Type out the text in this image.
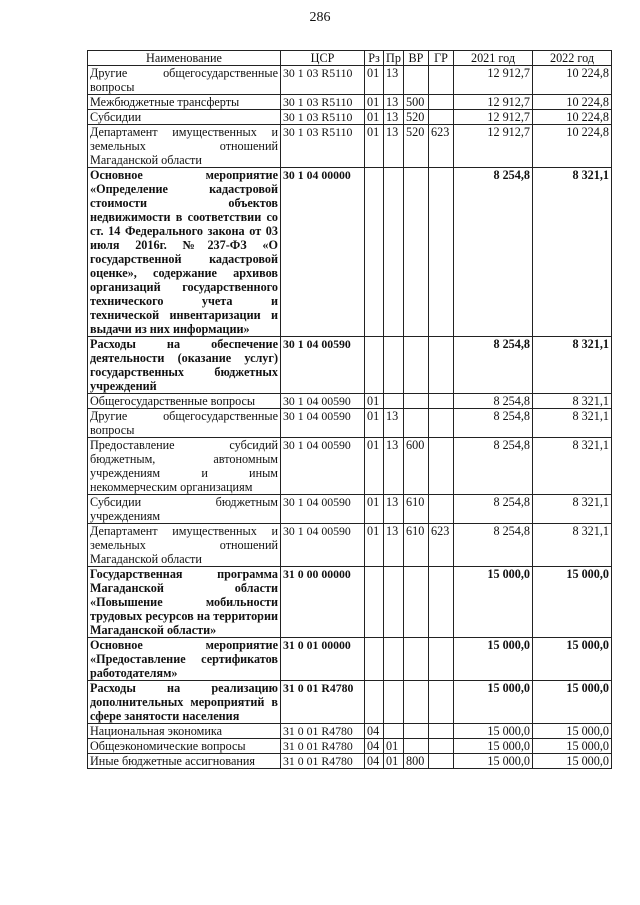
286
Наименование	ЦСР	Рз	Пр	ВР	ГР	2021 год	2022 год
Другие общегосударственные вопросы	30 1 03 R5110	01	13			12 912,7	10 224,8
Межбюджетные трансферты	30 1 03 R5110	01	13	500		12 912,7	10 224,8
Субсидии	30 1 03 R5110	01	13	520		12 912,7	10 224,8
Департамент имущественных и земельных отношений Магаданской области	30 1 03 R5110	01	13	520	623	12 912,7	10 224,8
Основное мероприятие «Определение кадастровой стоимости объектов недвижимости в соответствии со ст. 14 Федерального закона от 03 июля 2016г. №237-ФЗ «О государственной кадастровой оценке», содержание архивов организаций государственного технического учета и технической инвентаризации и выдачи из них информации»	30 1 04 00000					8 254,8	8 321,1
Расходы на обеспечение деятельности (оказание услуг) государственных бюджетных учреждений	30 1 04 00590					8 254,8	8 321,1
Общегосударственные вопросы	30 1 04 00590	01				8 254,8	8 321,1
Другие общегосударственные вопросы	30 1 04 00590	01	13			8 254,8	8 321,1
Предоставление субсидий бюджетным, автономным учреждениям и иным некоммерческим организациям	30 1 04 00590	01	13	600		8 254,8	8 321,1
Субсидии бюджетным учреждениям	30 1 04 00590	01	13	610		8 254,8	8 321,1
Департамент имущественных и земельных отношений Магаданской области	30 1 04 00590	01	13	610	623	8 254,8	8 321,1
Государственная программа Магаданской области «Повышение мобильности трудовых ресурсов на территории Магаданской области»	31 0 00 00000					15 000,0	15 000,0
Основное мероприятие «Предоставление сертификатов работодателям»	31 0 01 00000					15 000,0	15 000,0
Расходы на реализацию дополнительных мероприятий в сфере занятости населения	31 0 01 R4780					15 000,0	15 000,0
Национальная экономика	31 0 01 R4780	04				15 000,0	15 000,0
Общеэкономические вопросы	31 0 01 R4780	04	01			15 000,0	15 000,0
Иные бюджетные ассигнования	31 0 01 R4780	04	01	800		15 000,0	15 000,0
